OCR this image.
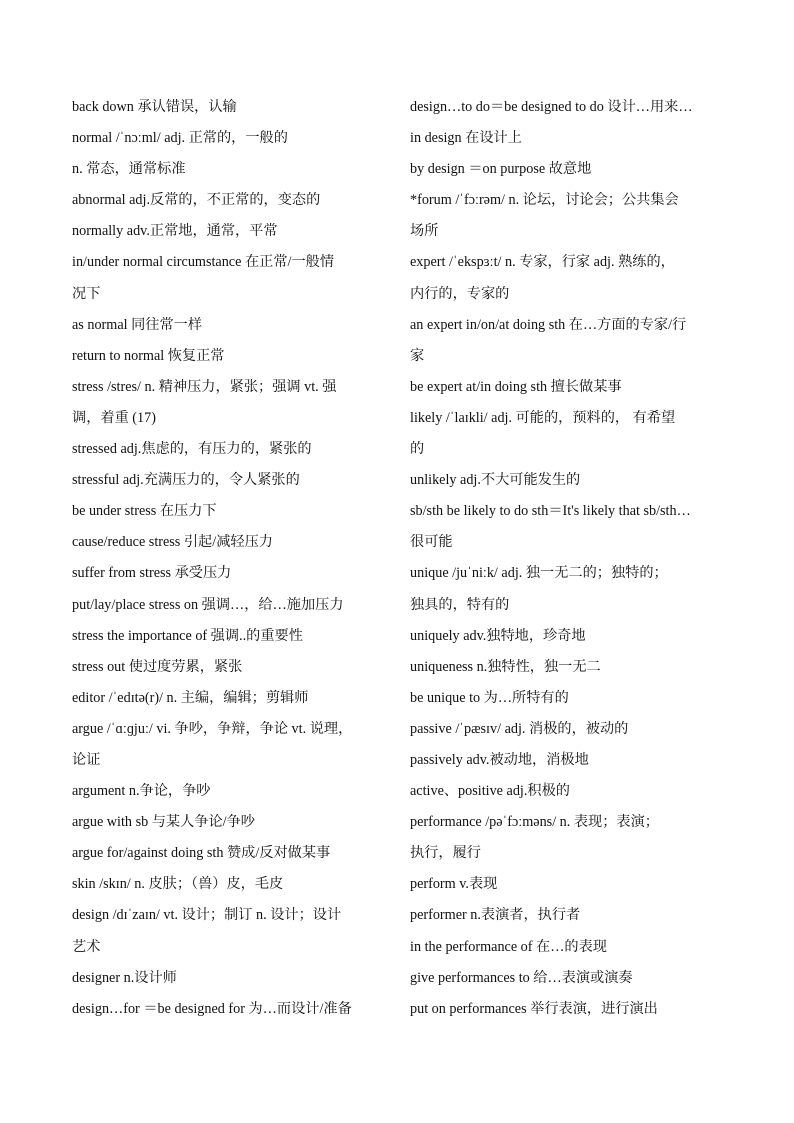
back down 承认错误，认输
normal /ˈnɔːml/ adj. 正常的，一般的
n. 常态，通常标准
abnormal adj.反常的，不正常的，变态的
normally adv.正常地，通常，平常
in/under normal circumstance 在正常/一般情
况下
as normal 同往常一样
return to normal 恢复正常
stress /stres/ n. 精神压力，紧张；强调 vt. 强
调，着重 (17)
stressed adj.焦虑的，有压力的，紧张的
stressful adj.充满压力的，令人紧张的
be under stress 在压力下
cause/reduce stress 引起/减轻压力
suffer from stress 承受压力
put/lay/place stress on 强调…，给…施加压力
stress the importance of 强调..的重要性
stress out 使过度劳累，紧张
editor /ˈedɪtə(r)/ n. 主编，编辑；剪辑师
argue /ˈɑːɡjuː/ vi. 争吵，争辩，争论 vt. 说理，
论证
argument n.争论，争吵
argue with sb 与某人争论/争吵
argue for/against doing sth 赞成/反对做某事
skin /skɪn/ n. 皮肤；（兽）皮，毛皮
design /dɪˈzaɪn/ vt. 设计；制订 n. 设计；设计
艺术
designer n.设计师
design…for ＝be designed for 为…而设计/准备
design…to do＝be designed to do 设计…用来…
in design 在设计上
by design ＝on purpose 故意地
*forum /ˈfɔːrəm/ n. 论坛，讨论会；公共集会
场所
expert /ˈekspɜːt/ n. 专家，行家 adj. 熟练的，
内行的，专家的
an expert in/on/at doing sth 在…方面的专家/行
家
be expert at/in doing sth 擅长做某事
likely /ˈlaɪkli/ adj. 可能的，预料的， 有希望
的
unlikely adj.不大可能发生的
sb/sth be likely to do sth＝It's likely that sb/sth…
很可能
unique /juˈniːk/ adj. 独一无二的；独特的；
独具的，特有的
uniquely adv.独特地，珍奇地
uniqueness n.独特性，独一无二
be unique to 为…所特有的
passive /ˈpæsɪv/ adj. 消极的，被动的
passively adv.被动地，消极地
active、positive adj.积极的
performance /pəˈfɔːməns/ n. 表现；表演；
执行，履行
perform v.表现
performer n.表演者，执行者
in the performance of 在…的表现
give performances to 给…表演或演奏
put on performances 举行表演，进行演出
